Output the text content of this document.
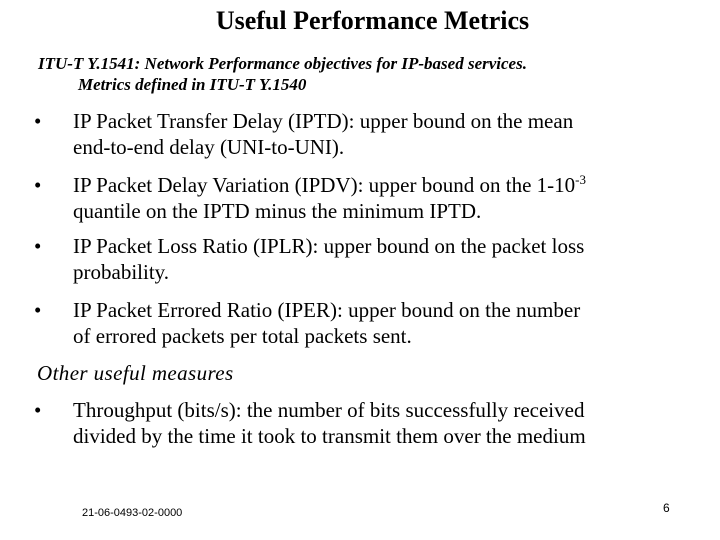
Useful Performance Metrics
ITU-T Y.1541: Network Performance objectives for IP-based services.
Metrics defined in ITU-T Y.1540
•	IP Packet Transfer Delay (IPTD): upper bound on the mean
end-to-end delay (UNI-to-UNI).
•	IP Packet Delay Variation (IPDV): upper bound on the $1-10^{-3}$
quantile on the IPTD minus the minimum IPTD.
•	IP Packet Loss Ratio (IPLR): upper bound on the packet loss
probability.
•	IP Packet Errored Ratio (IPER): upper bound on the number
of errored packets per total packets sent.
Other useful measures
•	Throughput (bits/s): the number of bits successfully received
divided by the time it took to transmit them over the medium
21-06-0493-02-0000	6
